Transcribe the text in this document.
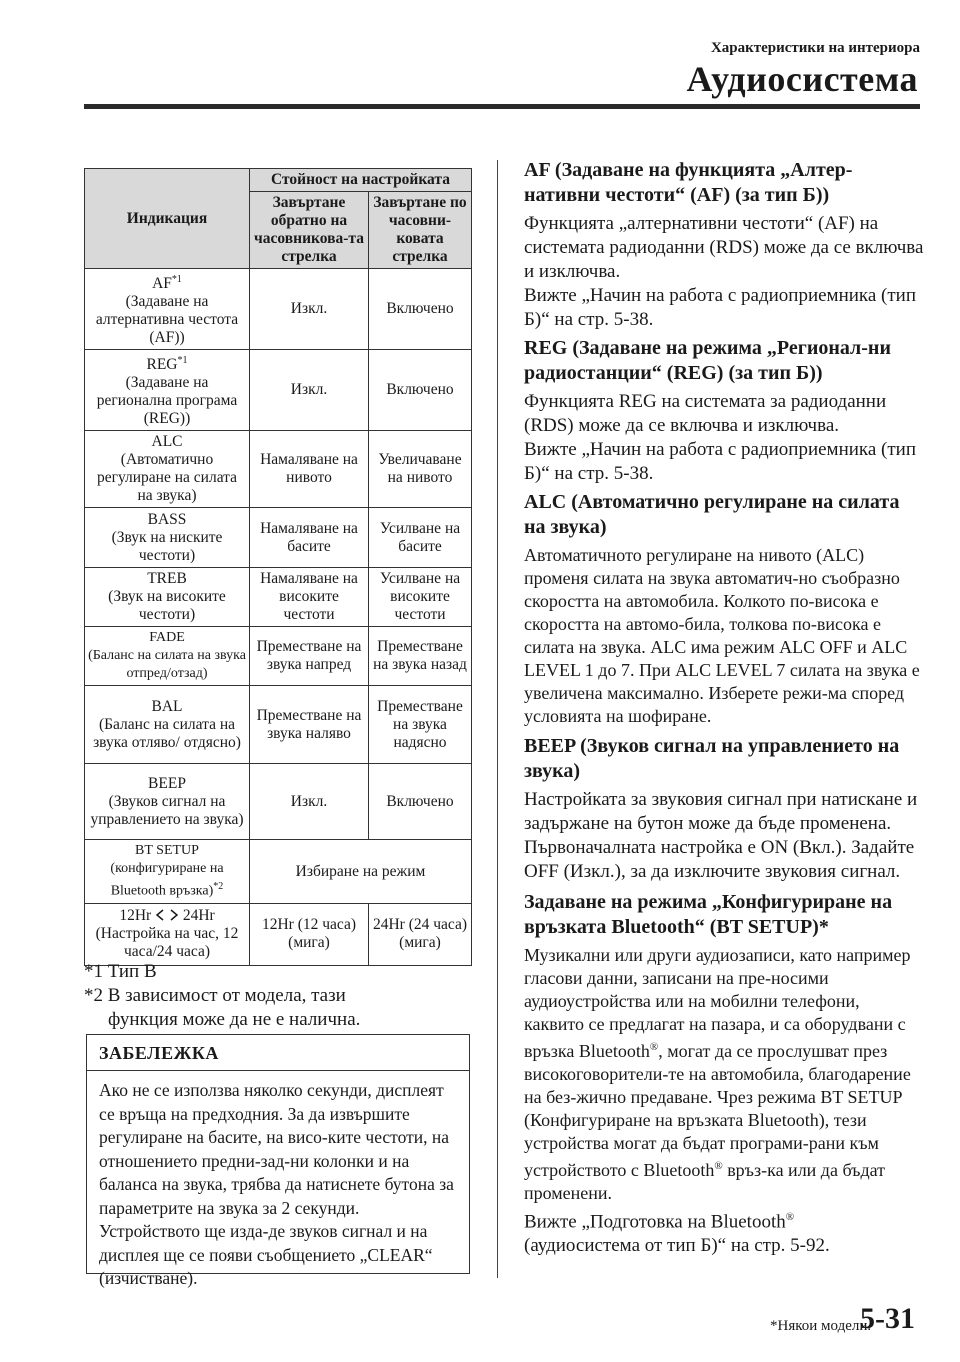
Характеристики на интериора
Аудиосистема
Индикация	Стойност на настройката	
	Завъртане обратно на часовникова-та стрелка	Завъртане по часовни-ковата стрелка
AF$^{*1}$
(Задаване на алтернативна честота (AF))	Изкл.	Включено
REG$^{*1}$
(Задаване на регионална програма (REG))	Изкл.	Включено
ALC
(Автоматично регулиране на силата на звука)	Намаляване на нивото	Увеличаване на нивото
BASS
(Звук на ниските честоти)	Намаляване на басите	Усилване на басите
TREB
(Звук на високите честоти)	Намаляване на високите честоти	Усилване на високите честоти
FADE
(Баланс на силата на звука отпред/отзад)	Преместване на звука напред	Преместване на звука назад
BAL
(Баланс на силата на звука отляво/ отдясно)	Преместване на звука наляво	Преместване на звука надясно
BEEP
(Звуков сигнал на управлението на звука)	Изкл.	Включено
BT SETUP
(конфигуриране на Bluetooth връзка)$^{*2}$	Избиране на режим	
12Hr 24Hr
(Настройка на час, 12 часа/24 часа)	12Hr (12 часа) (мига)	24Hr (24 часа) (мига)
*1 Тип B
*2 В зависимост от модела, тази
функция може да не е налична.
ЗАБЕЛЕЖКА
Ако не се използва няколко секунди, дисплеят се връща на предходния. За да извършите регулиране на басите, на висо-ките честоти, на отношението предни-зад-ни колонки и на баланса на звука, трябва да натиснете бутона за параметрите на звука за 2 секунди. Устройството ще изда-де звуков сигнал и на дисплея ще се появи съобщението „CLEAR“ (изчистване).
AF (Задаване на функцията „Алтер-нативни честоти“ (AF) (за тип Б))

Функцията „алтернативни честоти“ (AF) на системата радиоданни (RDS) може да се включва и изключва.

Вижте „Начин на работа с радиоприемника (тип Б)“ на стр. 5-38.

REG (Задаване на режима „Регионал-ни радиостанции“ (REG) (за тип Б))

Функцията REG на системата за радиоданни (RDS) може да се включва и изключва.

Вижте „Начин на работа с радиоприемника (тип Б)“ на стр. 5-38.

ALC (Автоматично регулиране на силата на звука)

Автоматичното регулиране на нивото (ALC) променя силата на звука автоматич-но съобразно скоростта на автомобила. Колкото по-висока е скоростта на автомо-била, толкова по-висока е силата на звука. ALC има режим ALC OFF и ALC LEVEL 1 до 7. При ALC LEVEL 7 силата на звука е увеличена максимално. Изберете режи-ма според условията на шофиране.

BEEP (Звуков сигнал на управлението на звука)

Настройката за звуковия сигнал при натискане и задържане на бутон може да бъде променена. Първоначалната настройка е ON (Вкл.). Задайте OFF (Изкл.), за да изключите звуковия сигнал.

Задаване на режима „Конфигуриране на връзката Bluetooth“ (BT SETUP)*

Музикални или други аудиозаписи, като например гласови данни, записани на пре-носими аудиоустройства или на мобилни телефони, каквито се предлагат на пазара, и са оборудвани с връзка Bluetooth®, могат да се прослушват през високоговорители-те на автомобила, благодарение на без-жично предаване. Чрез режима BT SETUP (Конфигуриране на връзката Bluetooth), тези устройства могат да бъдат програми-рани към устройството с Bluetooth® връз-ка или да бъдат променени.

Вижте „Подготовка на Bluetooth®
(аудиосистема от тип Б)“ на стр. 5-92.

*Някои модели.
5-31
